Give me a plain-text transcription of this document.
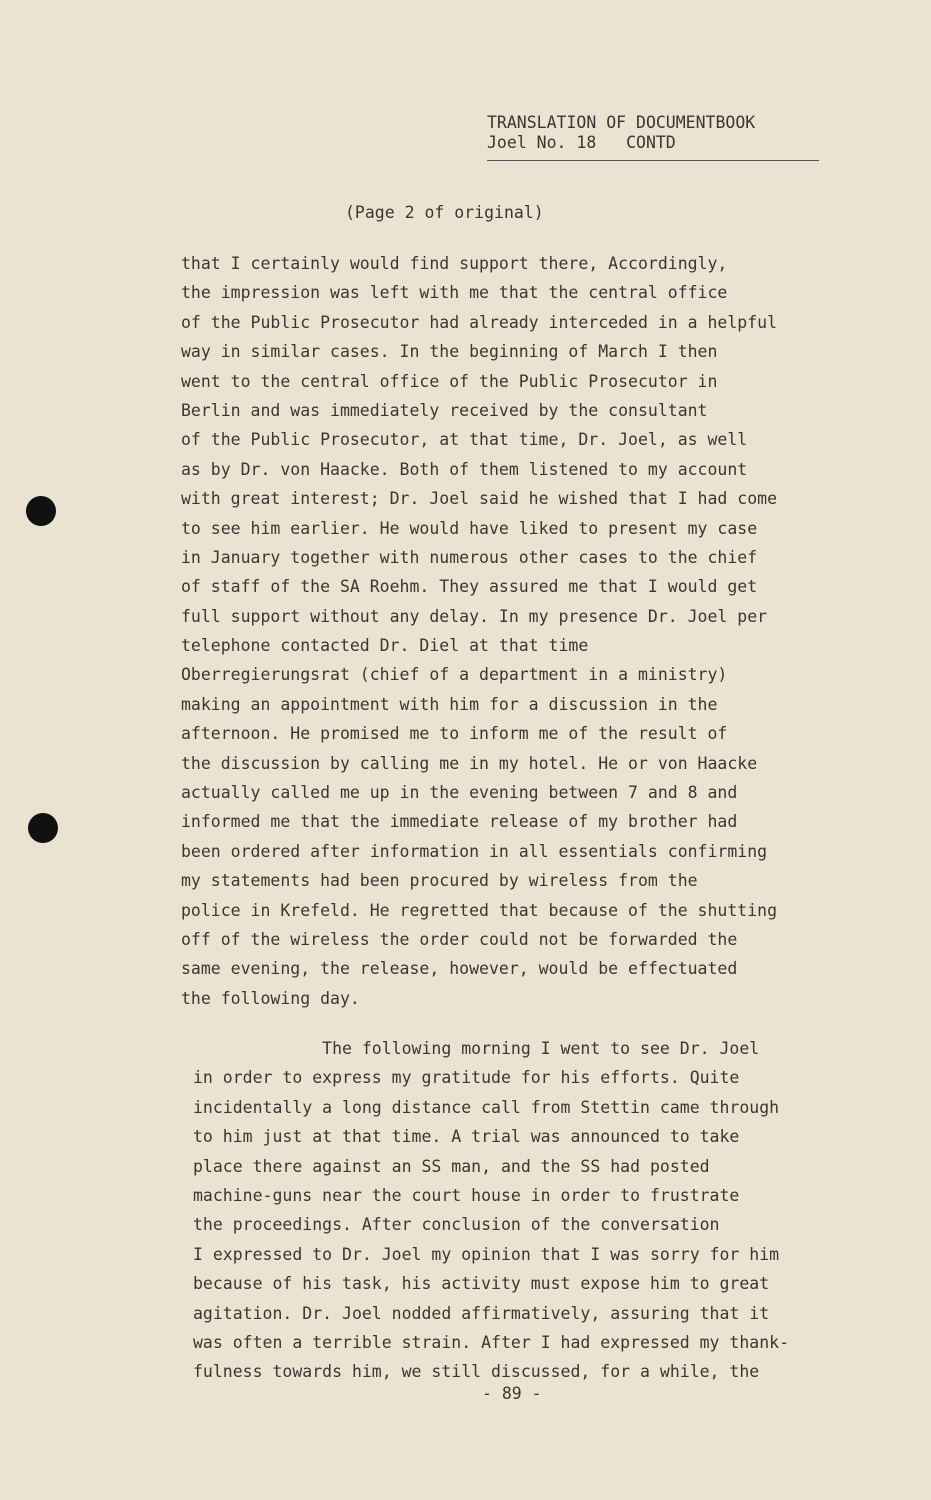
TRANSLATION OF DOCUMENTBOOK
Joel No. 18   CONTD
(Page 2 of original)
that I certainly would find support there, Accordingly,
the impression was left with me that the central office
of the Public Prosecutor had already interceded in a helpful
way in similar cases. In the beginning of March I then
went to the central office of the Public Prosecutor in
Berlin and was immediately received by the consultant
of the Public Prosecutor, at that time, Dr. Joel, as well
as by Dr. von Haacke. Both of them listened to my account
with great interest; Dr. Joel said he wished that I had come
to see him earlier. He would have liked to present my case
in January together with numerous other cases to the chief
of staff of the SA Roehm. They assured me that I would get
full support without any delay. In my presence Dr. Joel per
telephone contacted Dr. Diel at that time
Oberregierungsrat (chief of a department in a ministry)
making an appointment with him for a discussion in the
afternoon. He promised me to inform me of the result of
the discussion by calling me in my hotel. He or von Haacke
actually called me up in the evening between 7 and 8 and
informed me that the immediate release of my brother had
been ordered after information in all essentials confirming
my statements had been procured by wireless from the
police in Krefeld. He regretted that because of the shutting
off of the wireless the order could not be forwarded the
same evening, the release, however, would be effectuated
the following day.
The following morning I went to see Dr. Joel
in order to express my gratitude for his efforts. Quite
incidentally a long distance call from Stettin came through
to him just at that time. A trial was announced to take
place there against an SS man, and the SS had posted
machine-guns near the court house in order to frustrate
the proceedings. After conclusion of the conversation
I expressed to Dr. Joel my opinion that I was sorry for him
because of his task, his activity must expose him to great
agitation. Dr. Joel nodded affirmatively, assuring that it
was often a terrible strain. After I had expressed my thank-
fulness towards him, we still discussed, for a while, the
- 89 -
